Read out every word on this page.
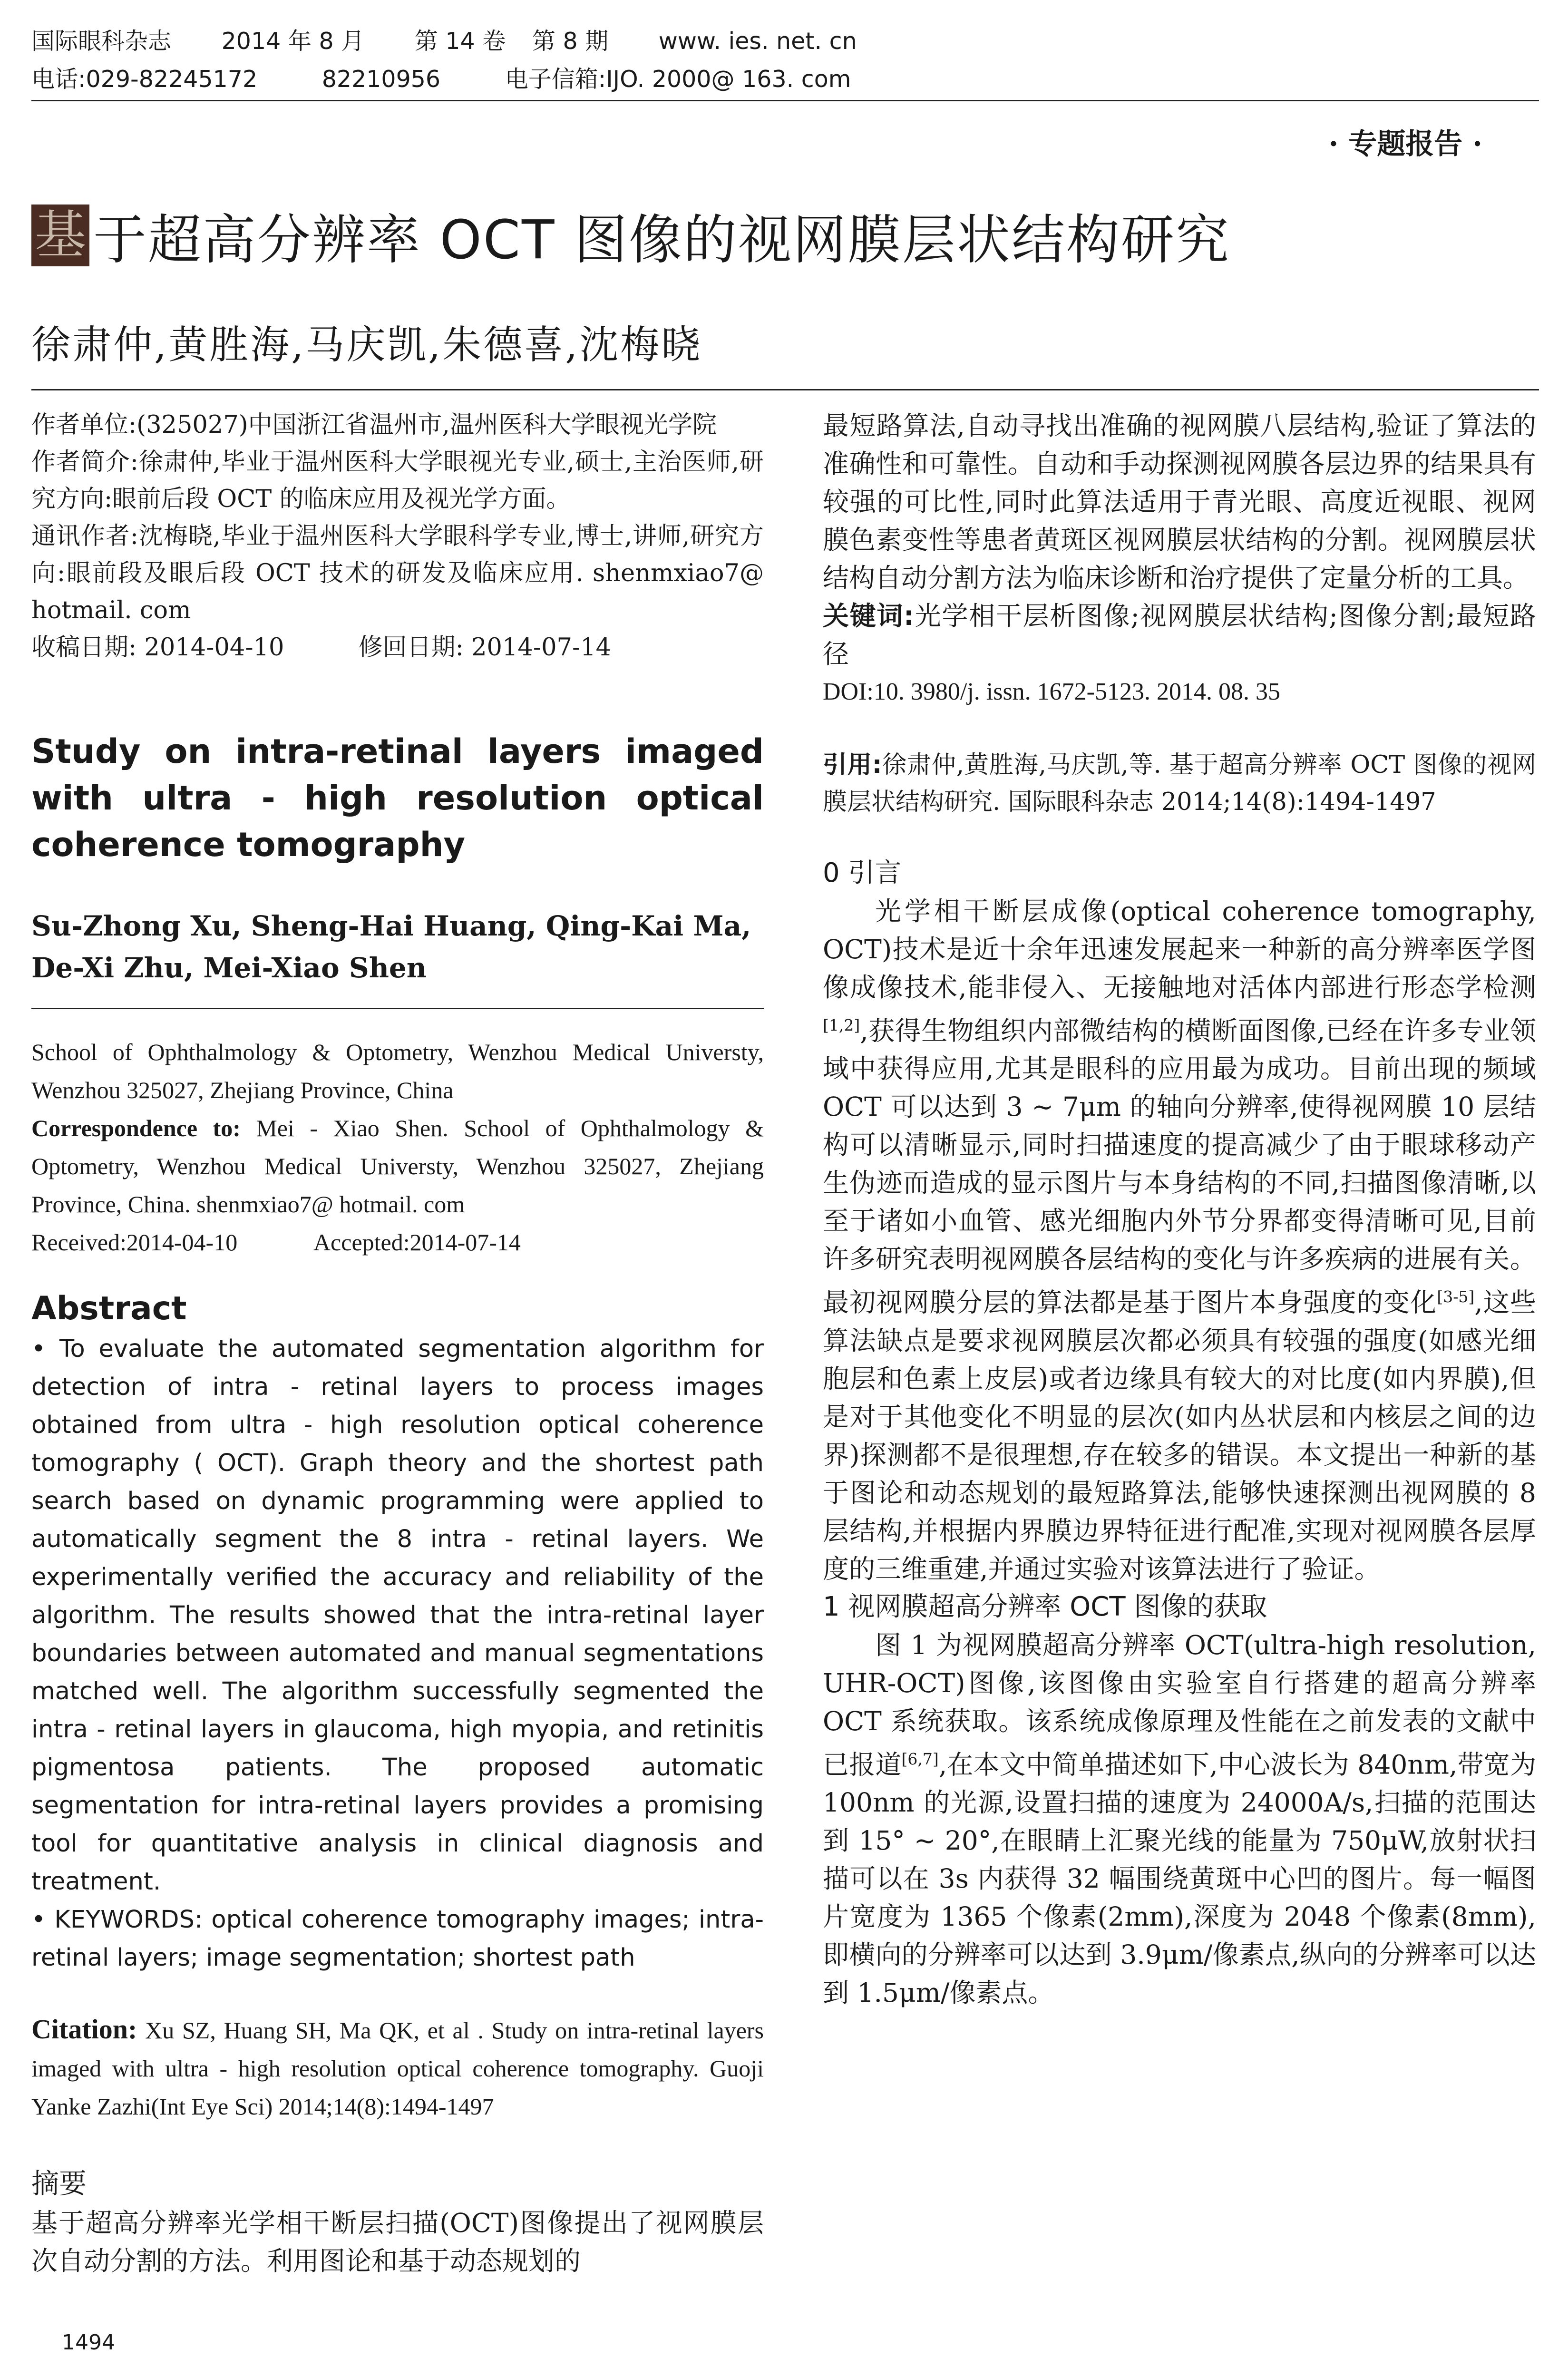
国际眼科杂志 2014 年 8 月 第 14 卷 第 8 期 www. ies. net. cn
电话:029-82245172	82210956	电子信箱:IJO. 2000@ 163. com
· 专题报告 ·
基 于超高分辨率 OCT 图像的视网膜层状结构研究
徐肃仲,黄胜海,马庆凯,朱德喜,沈梅晓

作者单位:(325027)中国浙江省温州市,温州医科大学眼视光学院

作者简介:徐肃仲,毕业于温州医科大学眼视光专业,硕士,主治医师,研究方向:眼前后段 OCT 的临床应用及视光学方面。

通讯作者:沈梅晓,毕业于温州医科大学眼科学专业,博士,讲师,研究方向:眼前段及眼后段 OCT 技术的研发及临床应用. shenmxiao7@ hotmail. com

收稿日期: 2014-04-10	修回日期: 2014-07-14
Study on intra-retinal layers imaged with ultra - high resolution optical coherence tomography
Su-Zhong Xu, Sheng-Hai Huang, Qing-Kai Ma, De-Xi Zhu, Mei-Xiao Shen

School of Ophthalmology & Optometry, Wenzhou Medical Universty, Wenzhou 325027, Zhejiang Province, China

Correspondence to: Mei - Xiao Shen. School of Ophthalmology & Optometry, Wenzhou Medical Universty, Wenzhou 325027, Zhejiang Province, China. shenmxiao7@ hotmail. com

Received:2014-04-10	Accepted:2014-07-14
Abstract

• To evaluate the automated segmentation algorithm for detection of intra - retinal layers to process images obtained from ultra - high resolution optical coherence tomography ( OCT). Graph theory and the shortest path search based on dynamic programming were applied to automatically segment the 8 intra - retinal layers. We experimentally verified the accuracy and reliability of the algorithm. The results showed that the intra-retinal layer boundaries between automated and manual segmentations matched well. The algorithm successfully segmented the intra - retinal layers in glaucoma, high myopia, and retinitis pigmentosa patients. The proposed automatic segmentation for intra-retinal layers provides a promising tool for quantitative analysis in clinical diagnosis and treatment.

• KEYWORDS: optical coherence tomography images; intra-retinal layers; image segmentation; shortest path

Citation: Xu SZ, Huang SH, Ma QK, et al . Study on intra-retinal layers imaged with ultra - high resolution optical coherence tomography. Guoji Yanke Zazhi(Int Eye Sci) 2014;14(8):1494-1497

摘要

基于超高分辨率光学相干断层扫描(OCT)图像提出了视网膜层次自动分割的方法。利用图论和基于动态规划的

1494

最短路算法,自动寻找出准确的视网膜八层结构,验证了算法的准确性和可靠性。自动和手动探测视网膜各层边界的结果具有较强的可比性,同时此算法适用于青光眼、高度近视眼、视网膜色素变性等患者黄斑区视网膜层状结构的分割。视网膜层状结构自动分割方法为临床诊断和治疗提供了定量分析的工具。

关键词:光学相干层析图像;视网膜层状结构;图像分割;最短路径

DOI:10. 3980/j. issn. 1672-5123. 2014. 08. 35

引用:徐肃仲,黄胜海,马庆凯,等. 基于超高分辨率 OCT 图像的视网膜层状结构研究. 国际眼科杂志 2014;14(8):1494-1497

0 引言

光学相干断层成像(optical coherence tomography, OCT)技术是近十余年迅速发展起来一种新的高分辨率医学图像成像技术,能非侵入、无接触地对活体内部进行形态学检测[1,2],获得生物组织内部微结构的横断面图像,已经在许多专业领域中获得应用,尤其是眼科的应用最为成功。目前出现的频域 OCT 可以达到 3 ~ 7μm 的轴向分辨率,使得视网膜 10 层结构可以清晰显示,同时扫描速度的提高减少了由于眼球移动产生伪迹而造成的显示图片与本身结构的不同,扫描图像清晰,以至于诸如小血管、感光细胞内外节分界都变得清晰可见,目前许多研究表明视网膜各层结构的变化与许多疾病的进展有关。最初视网膜分层的算法都是基于图片本身强度的变化[3-5],这些算法缺点是要求视网膜层次都必须具有较强的强度(如感光细胞层和色素上皮层)或者边缘具有较大的对比度(如内界膜),但是对于其他变化不明显的层次(如内丛状层和内核层之间的边界)探测都不是很理想,存在较多的错误。本文提出一种新的基于图论和动态规划的最短路算法,能够快速探测出视网膜的 8 层结构,并根据内界膜边界特征进行配准,实现对视网膜各层厚度的三维重建,并通过实验对该算法进行了验证。

1 视网膜超高分辨率 OCT 图像的获取

图 1 为视网膜超高分辨率 OCT(ultra-high resolution, UHR-OCT)图像,该图像由实验室自行搭建的超高分辨率 OCT 系统获取。该系统成像原理及性能在之前发表的文献中已报道[6,7],在本文中简单描述如下,中心波长为 840nm,带宽为 100nm 的光源,设置扫描的速度为 24000A/s,扫描的范围达到 15° ~ 20°,在眼睛上汇聚光线的能量为 750μW,放射状扫描可以在 3s 内获得 32 幅围绕黄斑中心凹的图片。每一幅图片宽度为 1365 个像素(2mm),深度为 2048 个像素(8mm),即横向的分辨率可以达到 3.9μm/像素点,纵向的分辨率可以达到 1.5μm/像素点。
